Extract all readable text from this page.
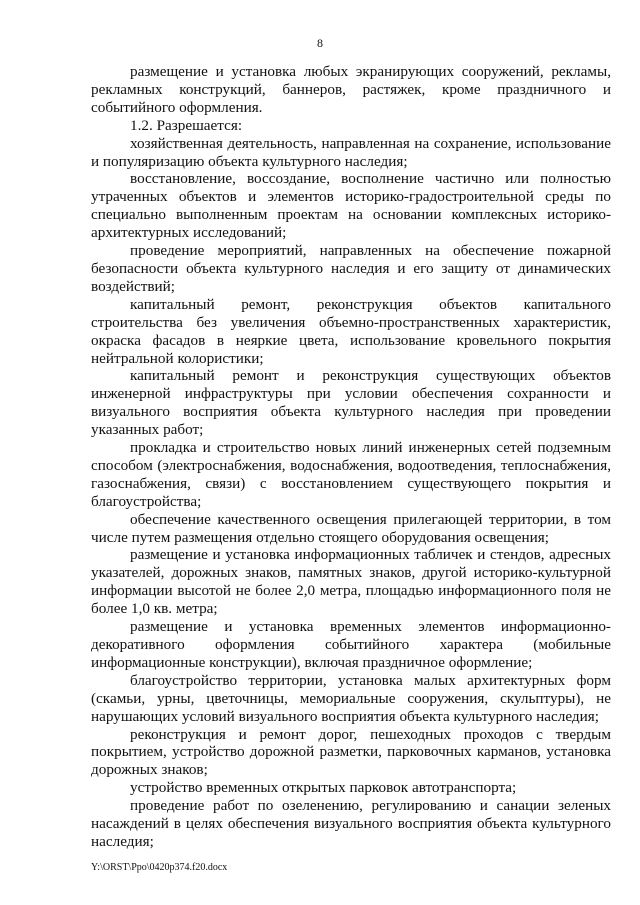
8

размещение и установка любых экранирующих сооружений, рекламы, рекламных конструкций, баннеров, растяжек, кроме праздничного и событийного оформления.

1.2. Разрешается:

хозяйственная деятельность, направленная на сохранение, использование и популяризацию объекта культурного наследия;

восстановление, воссоздание, восполнение частично или полностью утраченных объектов и элементов историко-градостроительной среды по специально выполненным проектам на основании комплексных историко-архитектурных исследований;

проведение мероприятий, направленных на обеспечение пожарной безопасности объекта культурного наследия и его защиту от динамических воздействий;

капитальный ремонт, реконструкция объектов капитального строительства без увеличения объемно-пространственных характеристик, окраска фасадов в неяркие цвета, использование кровельного покрытия нейтральной колористики;

капитальный ремонт и реконструкция существующих объектов инженерной инфраструктуры при условии обеспечения сохранности и визуального восприятия объекта культурного наследия при проведении указанных работ;

прокладка и строительство новых линий инженерных сетей подземным способом (электроснабжения, водоснабжения, водоотведения, теплоснабжения, газоснабжения, связи) с восстановлением существующего покрытия и благоустройства;

обеспечение качественного освещения прилегающей территории, в том числе путем размещения отдельно стоящего оборудования освещения;

размещение и установка информационных табличек и стендов, адресных указателей, дорожных знаков, памятных знаков, другой историко-культурной информации высотой не более 2,0 метра, площадью информационного поля не более 1,0 кв. метра;

размещение и установка временных элементов информационно-декоративного оформления событийного характера (мобильные информационные конструкции), включая праздничное оформление;

благоустройство территории, установка малых архитектурных форм (скамьи, урны, цветочницы, мемориальные сооружения, скульптуры), не нарушающих условий визуального восприятия объекта культурного наследия;

реконструкция и ремонт дорог, пешеходных проходов с твердым покрытием, устройство дорожной разметки, парковочных карманов, установка дорожных знаков;

устройство временных открытых парковок автотранспорта;

проведение работ по озеленению, регулированию и санации зеленых насаждений в целях обеспечения визуального восприятия объекта культурного наследия;

Y:\ORST\Ppo\0420p374.f20.docx
